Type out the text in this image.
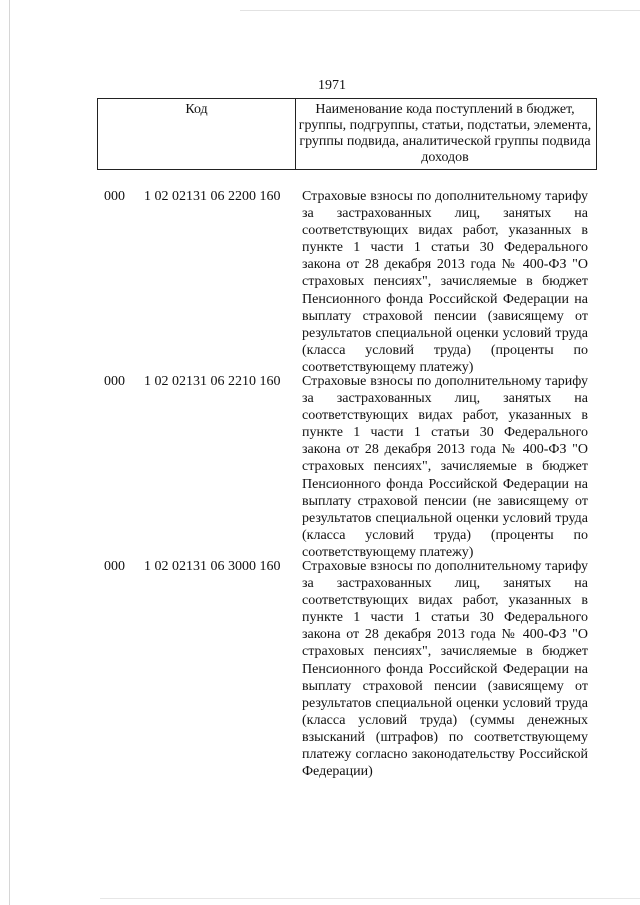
1971
Код	Наименование кода поступлений в бюджет, группы, подгруппы, статьи, подстатьи, элемента, группы подвида, аналитической группы подвида доходов
000 1 02 02131 06 2200 160 Страховые взносы по дополнительному тарифу за застрахованных лиц, занятых на соответствующих видах работ, указанных в пункте 1 части 1 статьи 30 Федерального закона от 28 декабря 2013 года № 400-ФЗ "О страховых пенсиях", зачисляемые в бюджет Пенсионного фонда Российской Федерации на выплату страховой пенсии (зависящему от результатов специальной оценки условий труда (класса условий труда) (проценты по соответствующему платежу)
000 1 02 02131 06 2210 160 Страховые взносы по дополнительному тарифу за застрахованных лиц, занятых на соответствующих видах работ, указанных в пункте 1 части 1 статьи 30 Федерального закона от 28 декабря 2013 года № 400-ФЗ "О страховых пенсиях", зачисляемые в бюджет Пенсионного фонда Российской Федерации на выплату страховой пенсии (не зависящему от результатов специальной оценки условий труда (класса условий труда) (проценты по соответствующему платежу)
000 1 02 02131 06 3000 160 Страховые взносы по дополнительному тарифу за застрахованных лиц, занятых на соответствующих видах работ, указанных в пункте 1 части 1 статьи 30 Федерального закона от 28 декабря 2013 года № 400-ФЗ "О страховых пенсиях", зачисляемые в бюджет Пенсионного фонда Российской Федерации на выплату страховой пенсии (зависящему от результатов специальной оценки условий труда (класса условий труда) (суммы денежных взысканий (штрафов) по соответствующему платежу согласно законодательству Российской Федерации)
